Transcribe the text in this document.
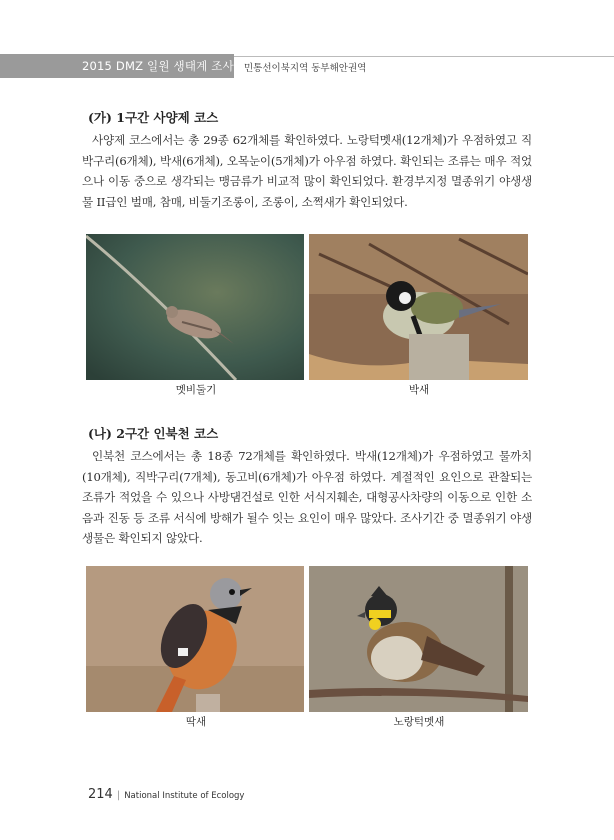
2015 DMZ 일원 생태계 조사 민통선이북지역 동부해안권역
(가) 1구간 사양제 코스

사양제 코스에서는 총 29종 62개체를 확인하였다. 노랑턱멧새(12개체)가 우점하였고 직박구리(6개체), 박새(6개체), 오목눈이(5개체)가 아우점 하였다. 확인되는 조류는 매우 적었으나 이동 중으로 생각되는 맹금류가 비교적 많이 확인되었다. 환경부지정 멸종위기 야생생물 II급인 벌매, 참매, 비둘기조롱이, 조롱이, 소쩍새가 확인되었다.

멧비둘기	박새
(나) 2구간 인북천 코스

인북천 코스에서는 총 18종 72개체를 확인하였다. 박새(12개체)가 우점하였고 물까치(10개체), 직박구리(7개체), 동고비(6개체)가 아우점 하였다. 계절적인 요인으로 관찰되는 조류가 적었을 수 있으나 사방댐건설로 인한 서식지훼손, 대형공사차량의 이동으로 인한 소음과 진동 등 조류 서식에 방해가 될수 잇는 요인이 매우 많았다. 조사기간 중 멸종위기 야생생물은 확인되지 않았다.

딱새	노랑턱멧새
214 | National Institute of Ecology
